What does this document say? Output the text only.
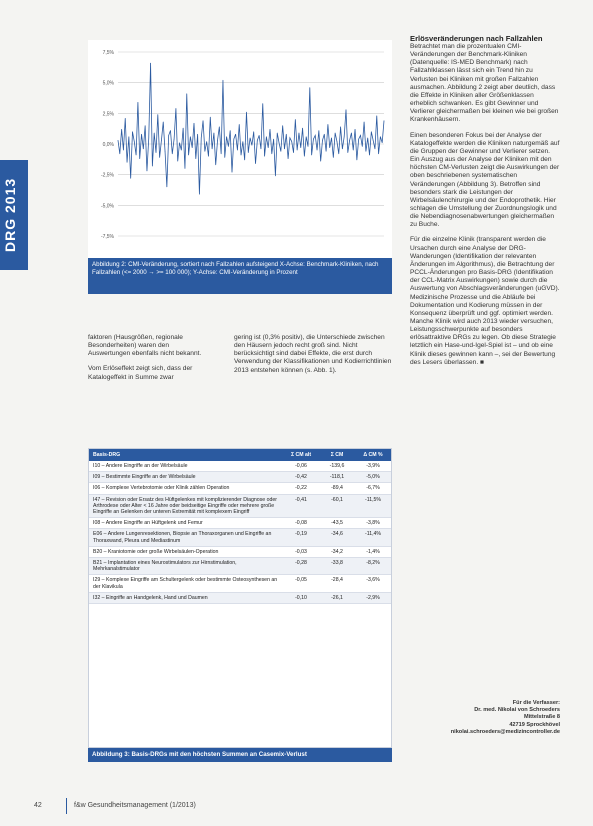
DRG 2013
7,5%
5,0%
2,5%
0,0%
-2,5%
-5,0%
-7,5%
Abbildung 2: CMI-Veränderung, sortiert nach Fallzahlen aufsteigend X-Achse: Benchmark-Kliniken, nach Fallzahlen (<= 2000 → >= 100 000); Y-Achse: CMI-Veränderung in Prozent

faktoren (Hausgrößen, regionale Besonderheiten) waren den Auswertungen ebenfalls nicht bekannt.

Vom Erlöseffekt zeigt sich, dass der Katalogeffekt in Summe zwar

gering ist (0,3% positiv), die Unterschiede zwischen den Häusern jedoch recht groß sind. Nicht berücksichtigt sind dabei Effekte, die erst durch Verwendung der Klassifikationen und Kodierrichtlinien 2013 entstehen können (s. Abb. 1).

Erlösveränderungen nach Fallzahlen

Betrachtet man die prozentualen CMI-Veränderungen der Benchmark-Kliniken (Datenquelle: IS-MED Benchmark) nach Fallzahlklassen lässt sich ein Trend hin zu Verlusten bei Kliniken mit großen Fallzahlen ausmachen. Abbildung 2 zeigt aber deutlich, dass die Effekte in Kliniken aller Größenklassen erheblich schwanken. Es gibt Gewinner und Verlierer gleichermaßen bei kleinen wie bei großen Krankenhäusern.

Einen besonderen Fokus bei der Analyse der Katalogeffekte werden die Kliniken naturgemäß auf die Gruppen der Gewinner und Verlierer setzen. Ein Auszug aus der Analyse der Kliniken mit den höchsten CM-Verlusten zeigt die Auswirkungen der oben beschriebenen systematischen Veränderungen (Abbildung 3). Betroffen sind besonders stark die Leistungen der Wirbelsäulenchirurgie und der Endoprothetik. Hier schlagen die Umstellung der Zuordnungslogik und die Nebendiagnosenabwertungen gleichermaßen zu Buche.

Für die einzelne Klinik (transparent werden die Ursachen durch eine Analyse der DRG-Wanderungen (Identifikation der relevanten Änderungen im Algorithmus), die Betrachtung der PCCL-Änderungen pro Basis-DRG (Identifikation der CCL-Matrix Auswirkungen) sowie durch die Auswertung von Abschlagsveränderungen (uGVD). Medizinische Prozesse und die Abläufe bei Dokumentation und Kodierung müssen in der Konsequenz überprüft und ggf. optimiert werden. Manche Klinik wird auch 2013 wieder versuchen, Leistungsschwerpunkte auf besonders erlösattraktive DRGs zu legen. Ob diese Strategie letztlich ein Hase-und-Igel-Spiel ist – und ob eine Klinik dieses gewinnen kann –, sei der Bewertung des Lesers überlassen. ■

Basis-DRG	Σ CM alt	Σ CM	Δ CM %
I10 – Andere Eingriffe an der Wirbelsäule	-0,06	-139,6	-3,9%
I09 – Bestimmte Eingriffe an der Wirbelsäule	-0,42	-118,1	-5,0%
I06 – Komplexe Vertebrotomie oder Klinik zählen Operation	-0,22	-89,4	-6,7%
I47 – Revision oder Ersatz des Hüftgelenkes mit komplizierender Diagnose oder Arthrodese oder Alter < 16 Jahre oder beidseitige Eingriffe oder mehrere große Eingriffe an Gelenken der unteren Extremität mit komplexem Eingriff
-0,41	-60,1	-11,5%
I08 – Andere Eingriffe an Hüftgelenk und Femur	-0,08	-43,5	-3,8%
E06 – Andere Lungenresektionen, Biopsie an Thoraxorganen und Eingriffe an Thoraxwand, Pleura und Mediastinum
-0,19	-34,6	-11,4%
B20 – Kraniotomie oder große Wirbelsäulen-Operation	-0,03	-34,2	-1,4%
B21 – Implantation eines Neurostimulators zur Hirnstimulation, Mehrkanalstimulator
-0,28	-33,8	-8,2%
I29 – Komplexe Eingriffe am Schultergelenk oder bestimmte Osteosynthesen an der Klavikula
-0,05	-28,4	-3,6%
I32 – Eingriffe an Handgelenk, Hand und Daumen	-0,10	-26,1	-2,9%
Abbildung 3: Basis-DRGs mit den höchsten Summen an Casemix-Verlust
Für die Verfasser:
Dr. med. Nikolai von Schroeders
Mittelstraße 8
42719 Sprockhövel
nikolai.schroeders@medizincontroller.de
42	f&w Gesundheitsmanagement (1/2013)
